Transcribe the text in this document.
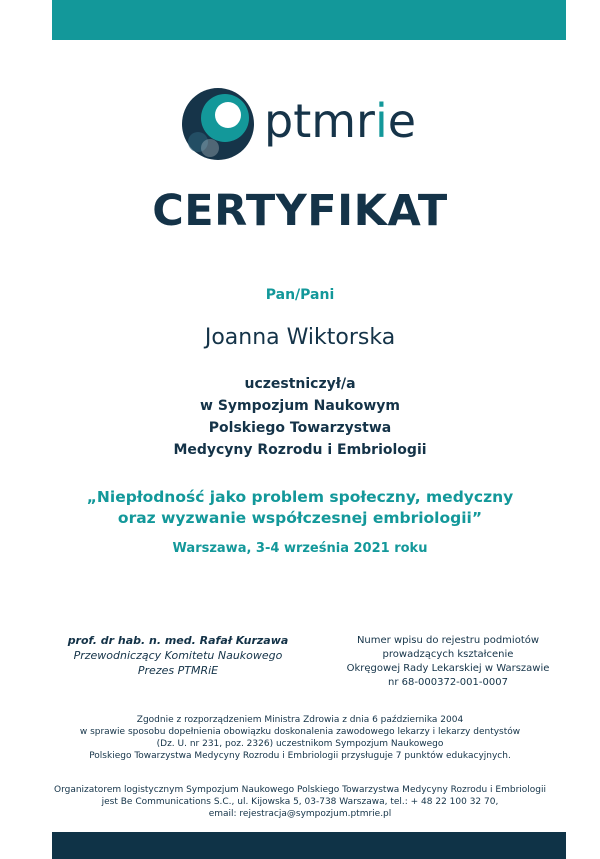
ptmrie
CERTYFIKAT
Pan/Pani
Joanna Wiktorska
uczestniczył/a
w Sympozjum Naukowym
Polskiego Towarzystwa
Medycyny Rozrodu i Embriologii
„Niepłodność jako problem społeczny, medyczny
oraz wyzwanie współczesnej embriologii”
Warszawa, 3-4 września 2021 roku
prof. dr hab. n. med. Rafał Kurzawa
Przewodniczący Komitetu Naukowego
Prezes PTMRiE
Numer wpisu do rejestru podmiotów
prowadzących kształcenie
Okręgowej Rady Lekarskiej w Warszawie
nr 68-000372-001-0007
Zgodnie z rozporządzeniem Ministra Zdrowia z dnia 6 października 2004
w sprawie sposobu dopełnienia obowiązku doskonalenia zawodowego lekarzy i lekarzy dentystów
(Dz. U. nr 231, poz. 2326) uczestnikom Sympozjum Naukowego
Polskiego Towarzystwa Medycyny Rozrodu i Embriologii przysługuje 7 punktów edukacyjnych.
Organizatorem logistycznym Sympozjum Naukowego Polskiego Towarzystwa Medycyny Rozrodu i Embriologii
jest Be Communications S.C., ul. Kijowska 5, 03-738 Warszawa, tel.: + 48 22 100 32 70,
email: rejestracja@sympozjum.ptmrie.pl
